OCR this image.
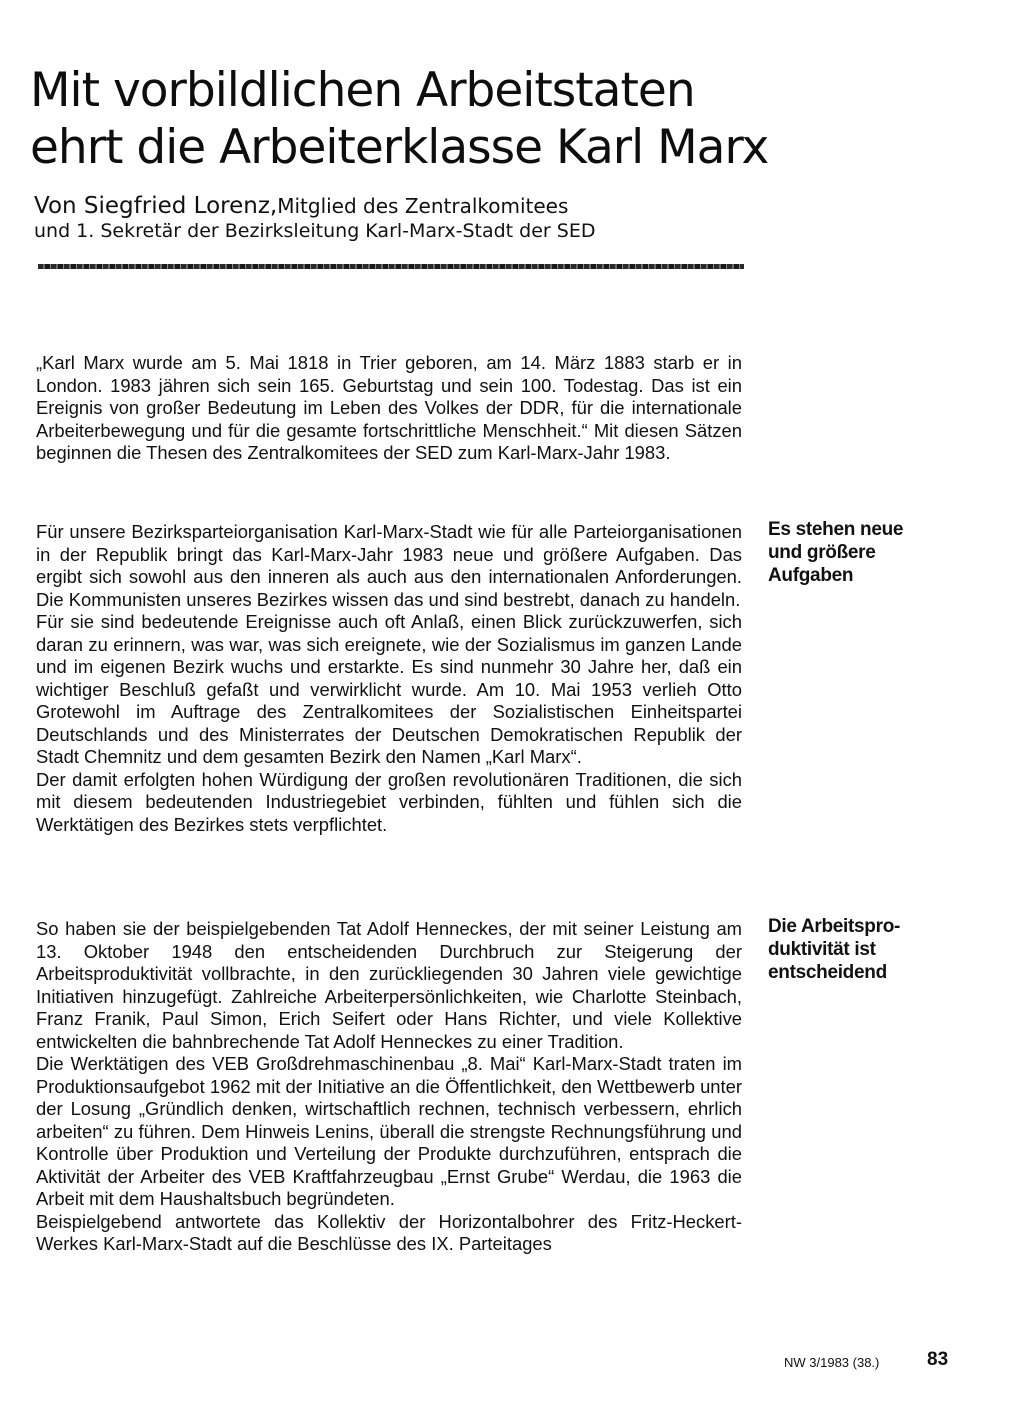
Mit vorbildlichen Arbeitstaten
ehrt die Arbeiterklasse Karl Marx
Von Siegfried Lorenz,Mitglied des Zentralkomitees
und 1. Sekretär der Bezirksleitung Karl-Marx-Stadt der SED

„Karl Marx wurde am 5. Mai 1818 in Trier geboren, am 14. März 1883 starb er in London. 1983 jähren sich sein 165. Geburtstag und sein 100. Todestag. Das ist ein Ereignis von großer Bedeutung im Leben des Volkes der DDR, für die internationale Arbeiterbewegung und für die gesamte fortschrittliche Menschheit.“ Mit diesen Sätzen beginnen die Thesen des Zentralkomitees der SED zum Karl-Marx-Jahr 1983.

Es stehen neue
und größere
Aufgaben

Für unsere Bezirksparteiorganisation Karl-Marx-Stadt wie für alle Parteiorganisationen in der Republik bringt das Karl-Marx-Jahr 1983 neue und größere Aufgaben. Das ergibt sich sowohl aus den inneren als auch aus den internationalen Anforderungen. Die Kommunisten unseres Bezirkes wissen das und sind bestrebt, danach zu handeln.

Für sie sind bedeutende Ereignisse auch oft Anlaß, einen Blick zurückzuwerfen, sich daran zu erinnern, was war, was sich ereignete, wie der Sozialismus im ganzen Lande und im eigenen Bezirk wuchs und erstarkte. Es sind nunmehr 30 Jahre her, daß ein wichtiger Beschluß gefaßt und verwirklicht wurde. Am 10. Mai 1953 verlieh Otto Grotewohl im Auftrage des Zentralkomitees der Sozialistischen Einheitspartei Deutschlands und des Ministerrates der Deutschen Demokratischen Republik der Stadt Chemnitz und dem gesamten Bezirk den Namen „Karl Marx“.

Der damit erfolgten hohen Würdigung der großen revolutionären Traditionen, die sich mit diesem bedeutenden Industriegebiet verbinden, fühlten und fühlen sich die Werktätigen des Bezirkes stets verpflichtet.

Die Arbeitspro-
duktivität ist
entscheidend

So haben sie der beispielgebenden Tat Adolf Henneckes, der mit seiner Leistung am 13. Oktober 1948 den entscheidenden Durchbruch zur Steigerung der Arbeitsproduktivität vollbrachte, in den zurückliegenden 30 Jahren viele gewichtige Initiativen hinzugefügt. Zahlreiche Arbeiterpersönlichkeiten, wie Charlotte Steinbach, Franz Franik, Paul Simon, Erich Seifert oder Hans Richter, und viele Kollektive entwickelten die bahnbrechende Tat Adolf Henneckes zu einer Tradition.

Die Werktätigen des VEB Großdrehmaschinenbau „8. Mai“ Karl-Marx-Stadt traten im Produktionsaufgebot 1962 mit der Initiative an die Öffentlichkeit, den Wettbewerb unter der Losung „Gründlich denken, wirtschaftlich rechnen, technisch verbessern, ehrlich arbeiten“ zu führen. Dem Hinweis Lenins, überall die strengste Rechnungsführung und Kontrolle über Produktion und Verteilung der Produkte durchzuführen, entsprach die Aktivität der Arbeiter des VEB Kraftfahrzeugbau „Ernst Grube“ Werdau, die 1963 die Arbeit mit dem Haushaltsbuch begründeten.

Beispielgebend antwortete das Kollektiv der Horizontalbohrer des Fritz-Heckert-Werkes Karl-Marx-Stadt auf die Beschlüsse des IX. Parteitages

NW 3/1983 (38.)	83
